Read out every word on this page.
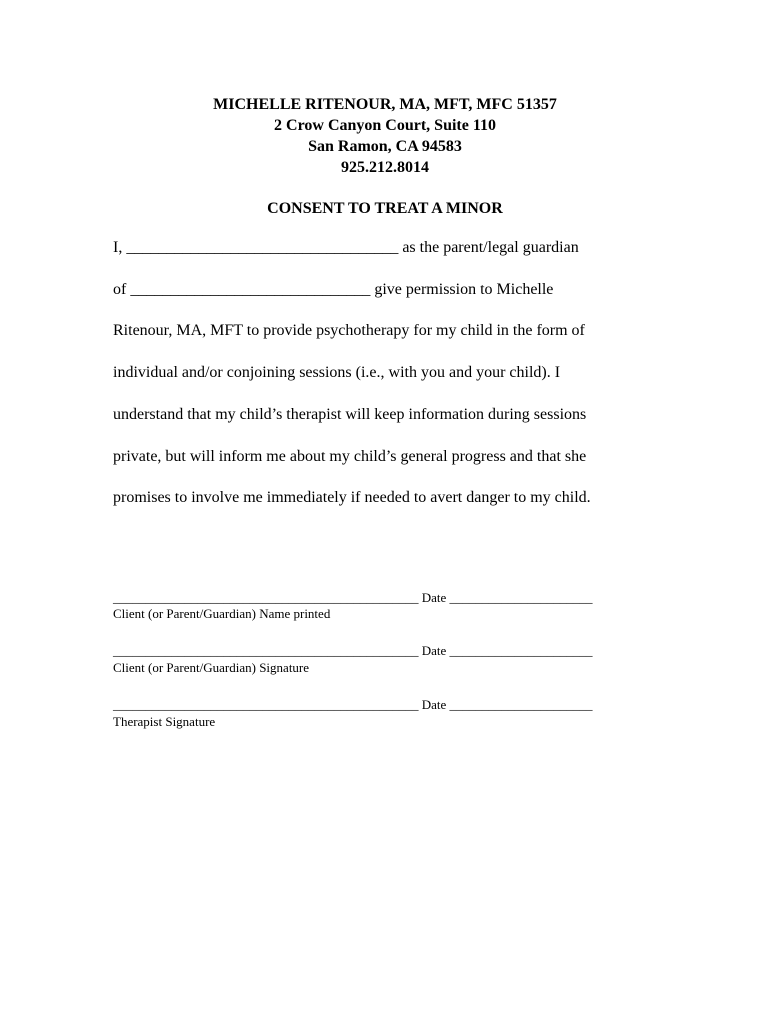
MICHELLE RITENOUR, MA, MFT, MFC 51357
2 Crow Canyon Court, Suite 110
San Ramon, CA 94583
925.212.8014
CONSENT TO TREAT A MINOR
I, __________________________________ as the parent/legal guardian
of ______________________________ give permission to Michelle
Ritenour, MA, MFT to provide psychotherapy for my child in the form of
individual and/or conjoining sessions (i.e., with you and your child). I
understand that my child’s therapist will keep information during sessions
private, but will inform me about my child’s general progress and that she
promises to involve me immediately if needed to avert danger to my child.
_______________________________________________ Date ______________________
Client (or Parent/Guardian) Name printed
_______________________________________________ Date ______________________
Client (or Parent/Guardian) Signature
_______________________________________________ Date ______________________
Therapist Signature
